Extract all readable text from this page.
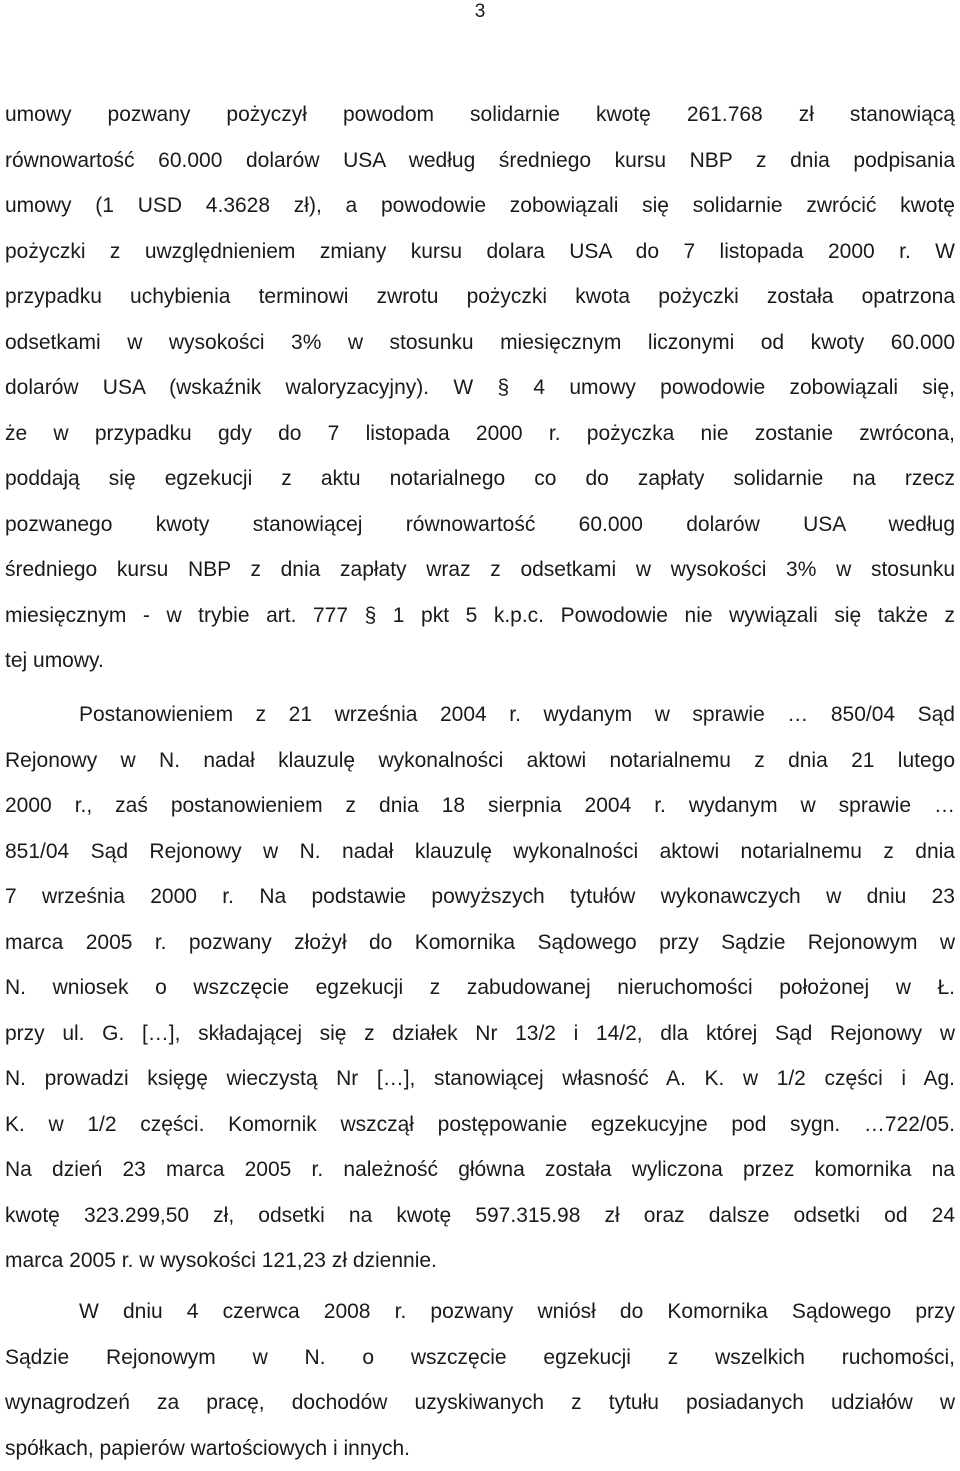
3
umowy pozwany pożyczył powodom solidarnie kwotę 261.768 zł stanowiącą
równowartość 60.000 dolarów USA według średniego kursu NBP z dnia podpisania
umowy (1 USD 4.3628 zł), a powodowie zobowiązali się solidarnie zwrócić kwotę
pożyczki z uwzględnieniem zmiany kursu dolara USA do 7 listopada 2000 r. W
przypadku uchybienia terminowi zwrotu pożyczki kwota pożyczki została opatrzona
odsetkami w wysokości 3% w stosunku miesięcznym liczonymi od kwoty 60.000
dolarów USA (wskaźnik waloryzacyjny). W § 4 umowy powodowie zobowiązali się,
że w przypadku gdy do 7 listopada 2000 r. pożyczka nie zostanie zwrócona,
poddają się egzekucji z aktu notarialnego co do zapłaty solidarnie na rzecz
pozwanego kwoty stanowiącej równowartość 60.000 dolarów USA według
średniego kursu NBP z dnia zapłaty wraz z odsetkami w wysokości 3% w stosunku
miesięcznym - w trybie art. 777 § 1 pkt 5 k.p.c. Powodowie nie wywiązali się także z
tej umowy.
Postanowieniem z 21 września 2004 r. wydanym w sprawie … 850/04 Sąd
Rejonowy w N. nadał klauzulę wykonalności aktowi notarialnemu z dnia 21 lutego
2000 r., zaś postanowieniem z dnia 18 sierpnia 2004 r. wydanym w sprawie …
851/04 Sąd Rejonowy w N. nadał klauzulę wykonalności aktowi notarialnemu z dnia
7 września 2000 r. Na podstawie powyższych tytułów wykonawczych w dniu 23
marca 2005 r. pozwany złożył do Komornika Sądowego przy Sądzie Rejonowym w
N. wniosek o wszczęcie egzekucji z zabudowanej nieruchomości położonej w Ł.
przy ul. G. […], składającej się z działek Nr 13/2 i 14/2, dla której Sąd Rejonowy w
N. prowadzi księgę wieczystą Nr […], stanowiącej własność A. K. w 1/2 części i Ag.
K. w 1/2 części. Komornik wszczął postępowanie egzekucyjne pod sygn. …722/05.
Na dzień 23 marca 2005 r. należność główna została wyliczona przez komornika na
kwotę 323.299,50 zł, odsetki na kwotę 597.315.98 zł oraz dalsze odsetki od 24
marca 2005 r. w wysokości 121,23 zł dziennie.
W dniu 4 czerwca 2008 r. pozwany wniósł do Komornika Sądowego przy
Sądzie Rejonowym w N. o wszczęcie egzekucji z wszelkich ruchomości,
wynagrodzeń za pracę, dochodów uzyskiwanych z tytułu posiadanych udziałów w
spółkach, papierów wartościowych i innych.
